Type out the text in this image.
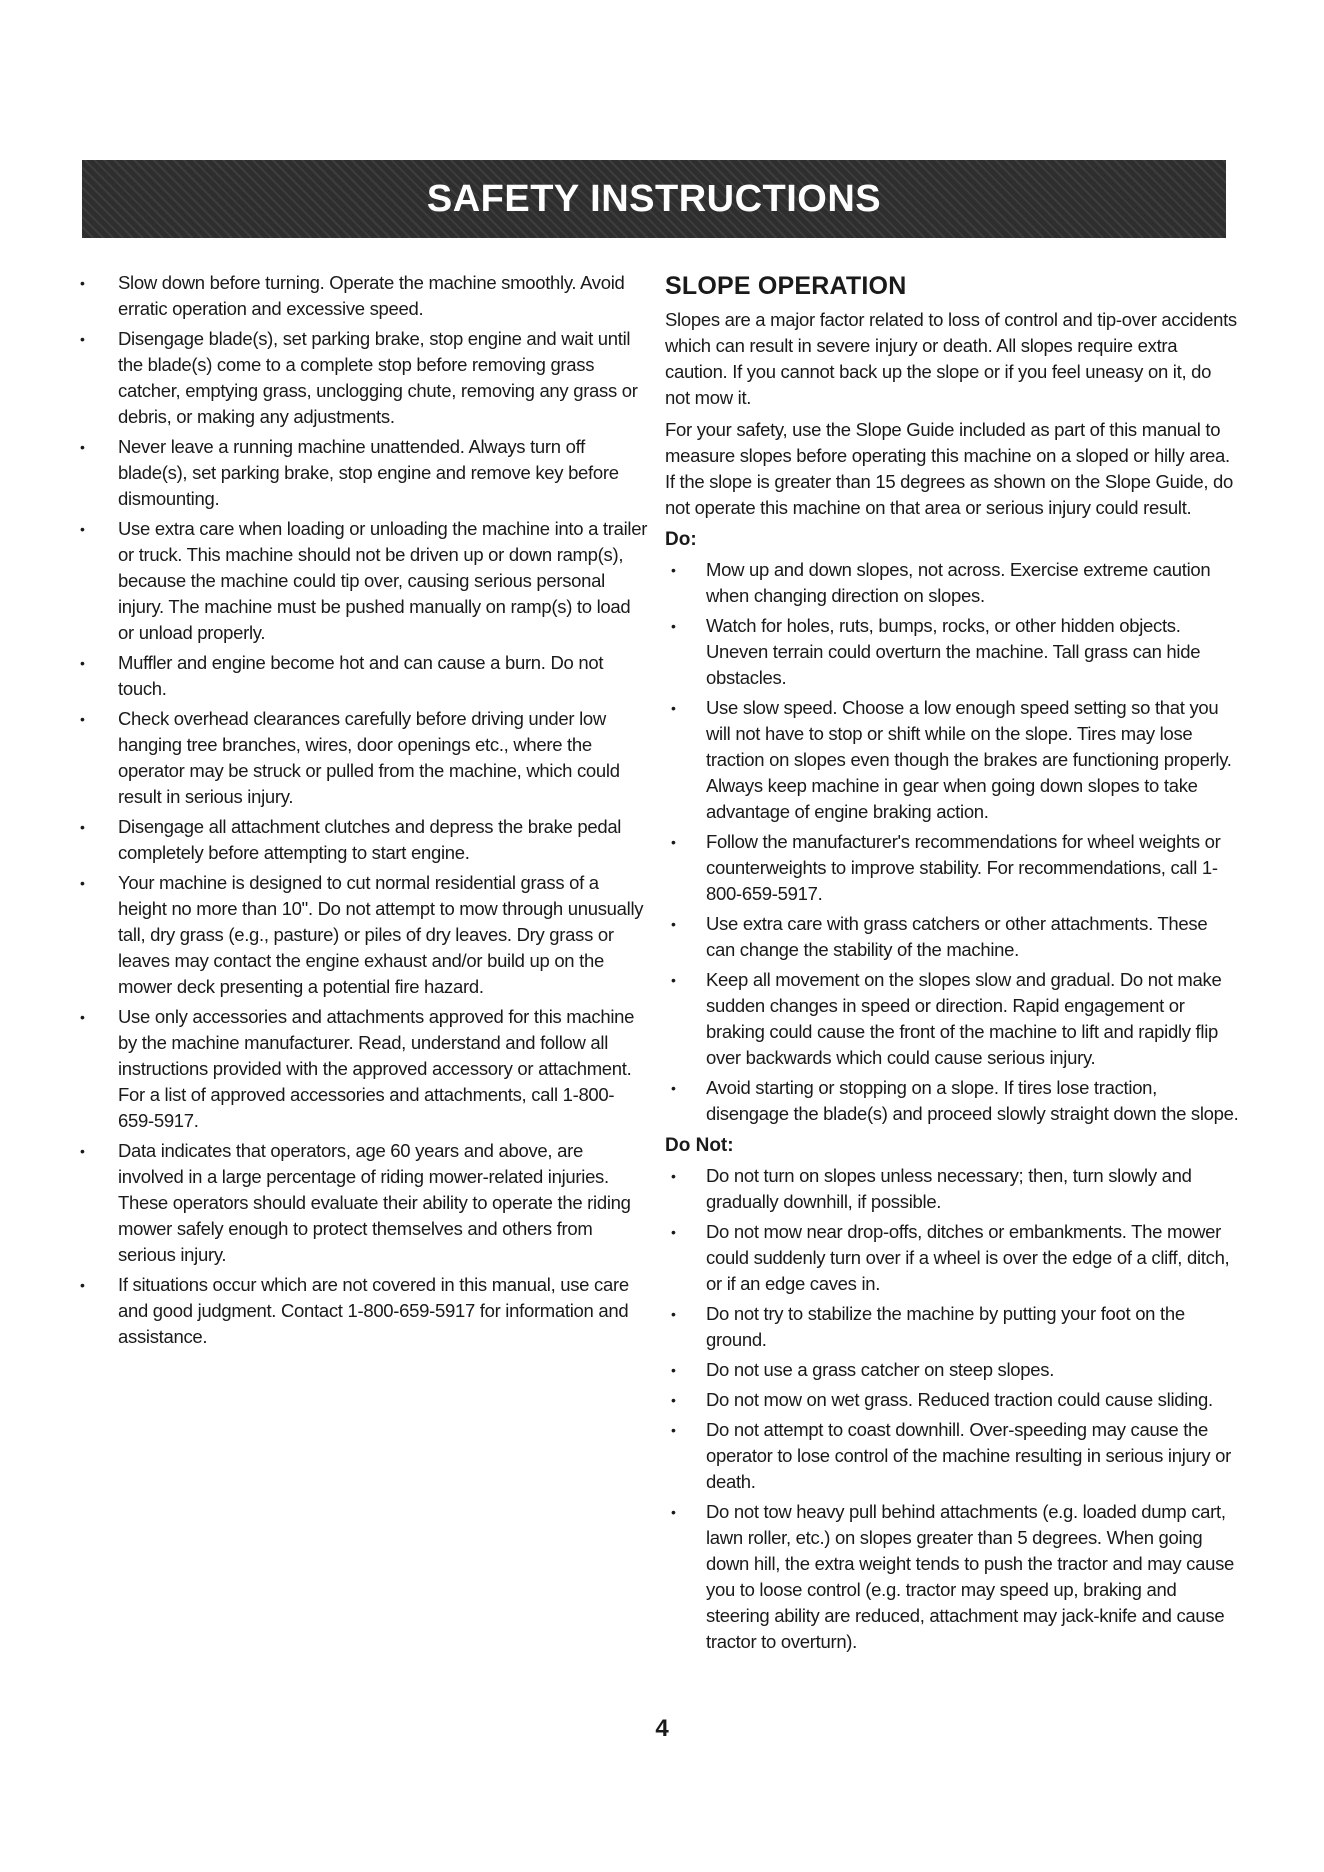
SAFETY INSTRUCTIONS
• Slow down before turning. Operate the machine smoothly. Avoid erratic operation and excessive speed.
• Disengage blade(s), set parking brake, stop engine and wait until the blade(s) come to a complete stop before removing grass catcher, emptying grass, unclogging chute, removing any grass or debris, or making any adjustments.
• Never leave a running machine unattended. Always turn off blade(s), set parking brake, stop engine and remove key before dismounting.
• Use extra care when loading or unloading the machine into a trailer or truck. This machine should not be driven up or down ramp(s), because the machine could tip over, causing serious personal injury. The machine must be pushed manually on ramp(s) to load or unload properly.
• Muffler and engine become hot and can cause a burn. Do not touch.
• Check overhead clearances carefully before driving under low hanging tree branches, wires, door openings etc., where the operator may be struck or pulled from the machine, which could result in serious injury.
• Disengage all attachment clutches and depress the brake pedal completely before attempting to start engine.
• Your machine is designed to cut normal residential grass of a height no more than 10". Do not attempt to mow through unusually tall, dry grass (e.g., pasture) or piles of dry leaves. Dry grass or leaves may contact the engine exhaust and/or build up on the mower deck presenting a potential fire hazard.
• Use only accessories and attachments approved for this machine by the machine manufacturer. Read, understand and follow all instructions provided with the approved accessory or attachment. For a list of approved accessories and attachments, call 1-800-659-5917.
• Data indicates that operators, age 60 years and above, are involved in a large percentage of riding mower-related injuries. These operators should evaluate their ability to operate the riding mower safely enough to protect themselves and others from serious injury.
• If situations occur which are not covered in this manual, use care and good judgment. Contact 1-800-659-5917 for information and assistance.
SLOPE OPERATION

Slopes are a major factor related to loss of control and tip-over accidents which can result in severe injury or death. All slopes require extra caution. If you cannot back up the slope or if you feel uneasy on it, do not mow it.

For your safety, use the Slope Guide included as part of this manual to measure slopes before operating this machine on a sloped or hilly area. If the slope is greater than 15 degrees as shown on the Slope Guide, do not operate this machine on that area or serious injury could result.

Do:
• Mow up and down slopes, not across. Exercise extreme caution when changing direction on slopes.
• Watch for holes, ruts, bumps, rocks, or other hidden objects. Uneven terrain could overturn the machine. Tall grass can hide obstacles.
• Use slow speed. Choose a low enough speed setting so that you will not have to stop or shift while on the slope. Tires may lose traction on slopes even though the brakes are functioning properly. Always keep machine in gear when going down slopes to take advantage of engine braking action.
• Follow the manufacturer's recommendations for wheel weights or counterweights to improve stability. For recommendations, call 1-800-659-5917.
• Use extra care with grass catchers or other attachments. These can change the stability of the machine.
• Keep all movement on the slopes slow and gradual. Do not make sudden changes in speed or direction. Rapid engagement or braking could cause the front of the machine to lift and rapidly flip over backwards which could cause serious injury.
• Avoid starting or stopping on a slope. If tires lose traction, disengage the blade(s) and proceed slowly straight down the slope.
Do Not:
• Do not turn on slopes unless necessary; then, turn slowly and gradually downhill, if possible.
• Do not mow near drop-offs, ditches or embankments. The mower could suddenly turn over if a wheel is over the edge of a cliff, ditch, or if an edge caves in.
• Do not try to stabilize the machine by putting your foot on the ground.
• Do not use a grass catcher on steep slopes.
• Do not mow on wet grass. Reduced traction could cause sliding.
• Do not attempt to coast downhill. Over-speeding may cause the operator to lose control of the machine resulting in serious injury or death.
• Do not tow heavy pull behind attachments (e.g. loaded dump cart, lawn roller, etc.) on slopes greater than 5 degrees. When going down hill, the extra weight tends to push the tractor and may cause you to loose control (e.g. tractor may speed up, braking and steering ability are reduced, attachment may jack-knife and cause tractor to overturn).
4
